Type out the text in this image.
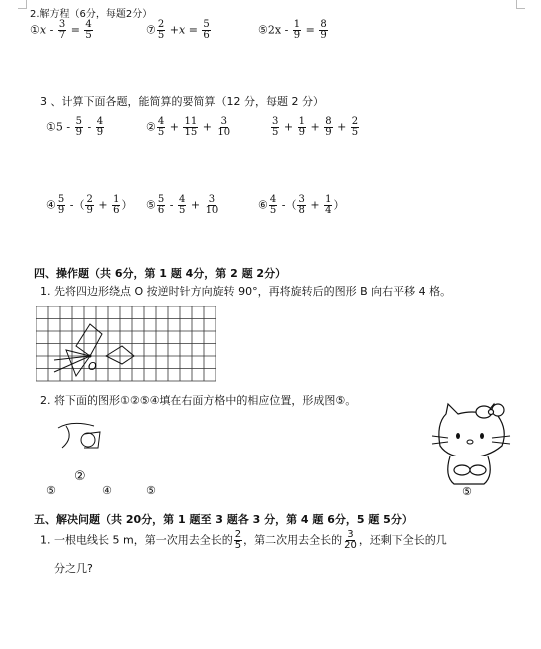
2.解方程（6分，每题2分）
①x - $\frac{3}{7} = \frac{4}{5}$	⑦ $\frac{2}{5} +x = \frac{5}{6}$	⑤2x - $\frac{1}{9} = \frac{8}{9}$
3 、计算下面各题，能简算的要简算（12 分，每题 2 分）
①5 - $\frac{5}{9} - \frac{4}{9}$	② $\frac{4}{5} + \frac{11}{15} + \frac{3}{10}$	$\frac{3}{5} + \frac{1}{9} + \frac{8}{9} + \frac{2}{5}$
④ $\frac{5}{9}$ -（ $\frac{2}{9} + \frac{1}{6}$ ） ⑤ $\frac{5}{6} - \frac{4}{5} + \frac{3}{10}$	⑥ $\frac{4}{5}$ -（ $\frac{3}{8} + \frac{1}{4}$ ）
四、操作题（共 6分，第 1 题 4分，第 2 题 2分）
1. 先将四边形绕点 O 按逆时针方向旋转 90°，再将旋转后的图形 B 向右平移 4 格。
O
2. 将下面的图形①②⑤④填在右面方格中的相应位置，形成图⑤。
②
⑤	④	⑤	⑤
五、解决问题（共 20分，第 1 题至 3 题各 3 分，第 4 题 6分，5 题 5分）
1. 一根电线长 5 m，第一次用去全长的 $\frac{2}{5}$ ，第二次用去全长的 $\frac{3}{20}$ ，还剩下全长的几
分之几?
